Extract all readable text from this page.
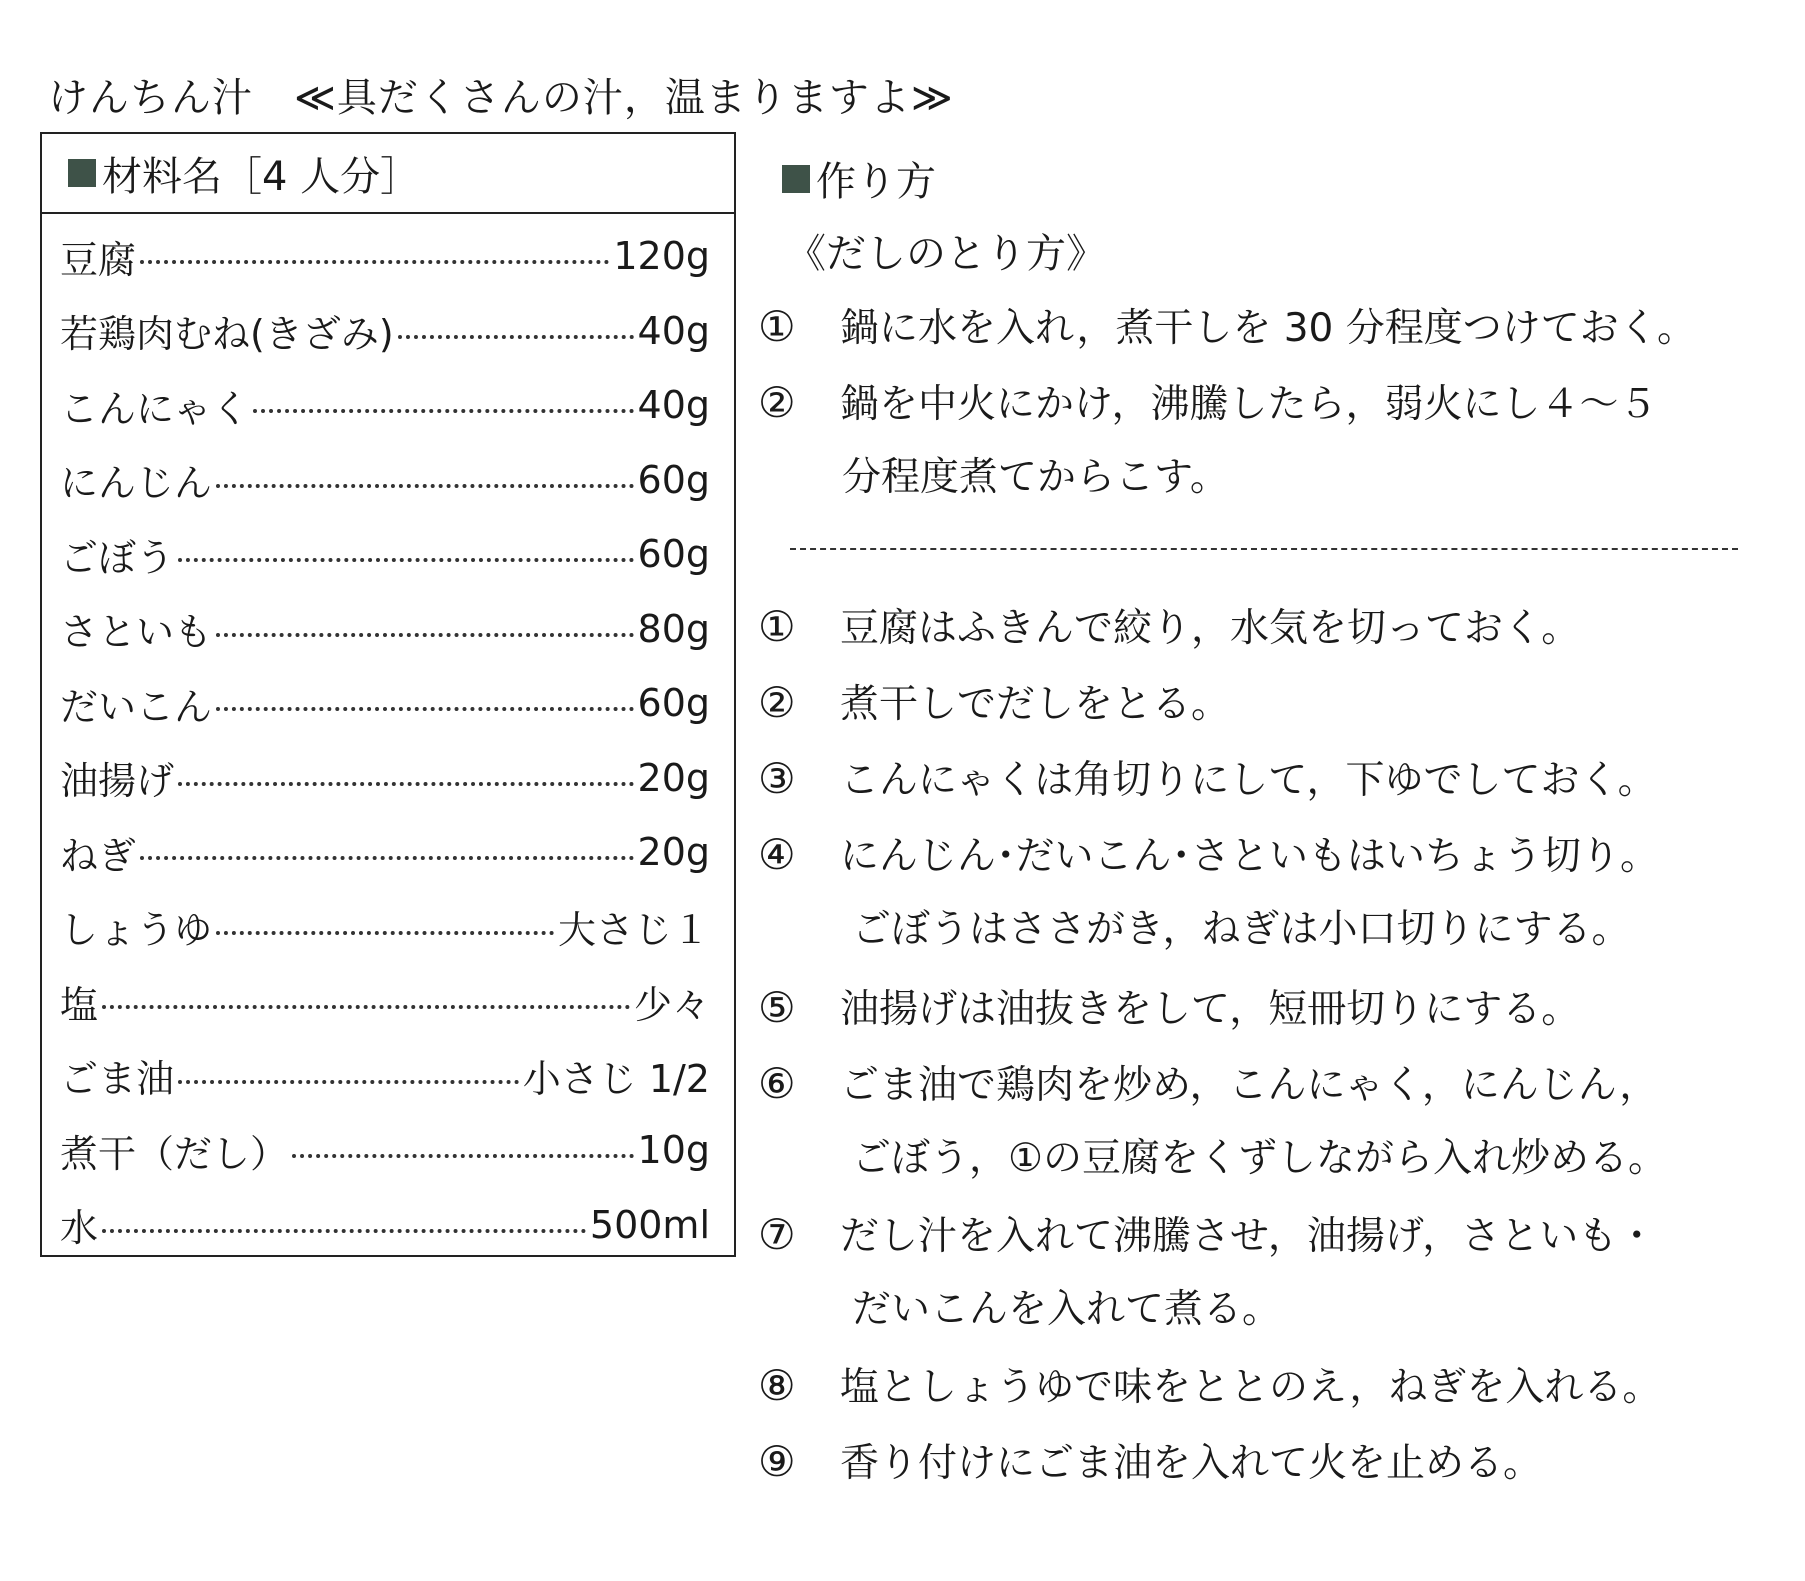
けんちん汁　≪具だくさんの汁，温まりますよ≫
材料名［4 人分］
豆腐	120g
若鶏肉むね(きざみ)	40g
こんにゃく	40g
にんじん	60g
ごぼう	60g
さといも	80g
だいこん	60g
油揚げ	20g
ねぎ	20g
しょうゆ	大さじ１
塩	少々
ごま油	小さじ 1/2
煮干（だし）	10g
水	500ml
作り方
《だしのとり方》
① 鍋に水を入れ，煮干しを 30 分程度つけておく。
② 鍋を中火にかけ，沸騰したら，弱火にし４～５
分程度煮てからこす。
① 豆腐はふきんで絞り，水気を切っておく。
② 煮干しでだしをとる。
③ こんにゃくは角切りにして，下ゆでしておく。
④ にんじん･だいこん･さといもはいちょう切り。
ごぼうはささがき，ねぎは小口切りにする。
⑤ 油揚げは油抜きをして，短冊切りにする。
⑥ ごま油で鶏肉を炒め，こんにゃく，にんじん，
ごぼう，①の豆腐をくずしながら入れ炒める。
⑦ だし汁を入れて沸騰させ，油揚げ，さといも・
だいこんを入れて煮る。
⑧ 塩としょうゆで味をととのえ，ねぎを入れる。
⑨ 香り付けにごま油を入れて火を止める。
